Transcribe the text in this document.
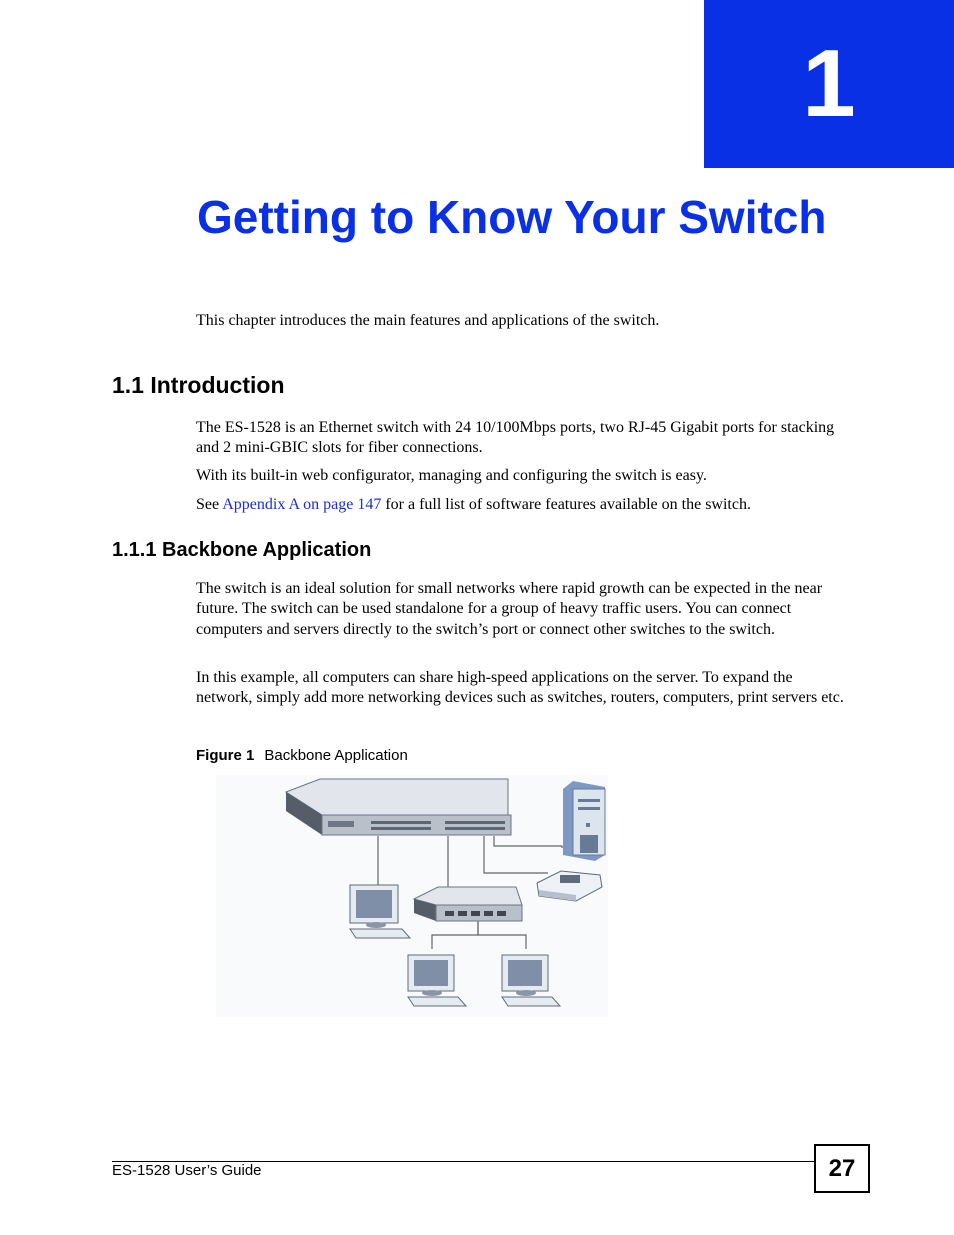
1
Getting to Know Your Switch

This chapter introduces the main features and applications of the switch.

1.1 Introduction

The ES-1528 is an Ethernet switch with 24 10/100Mbps ports, two RJ-45 Gigabit ports for stacking and 2 mini-GBIC slots for fiber connections.

With its built-in web configurator, managing and configuring the switch is easy.

See Appendix A on page 147 for a full list of software features available on the switch.

1.1.1 Backbone Application

The switch is an ideal solution for small networks where rapid growth can be expected in the near future. The switch can be used standalone for a group of heavy traffic users. You can connect computers and servers directly to the switch’s port or connect other switches to the switch.

In this example, all computers can share high-speed applications on the server. To expand the network, simply add more networking devices such as switches, routers, computers, print servers etc.

Figure 1 Backbone Application
ES-1528 User’s Guide	27
